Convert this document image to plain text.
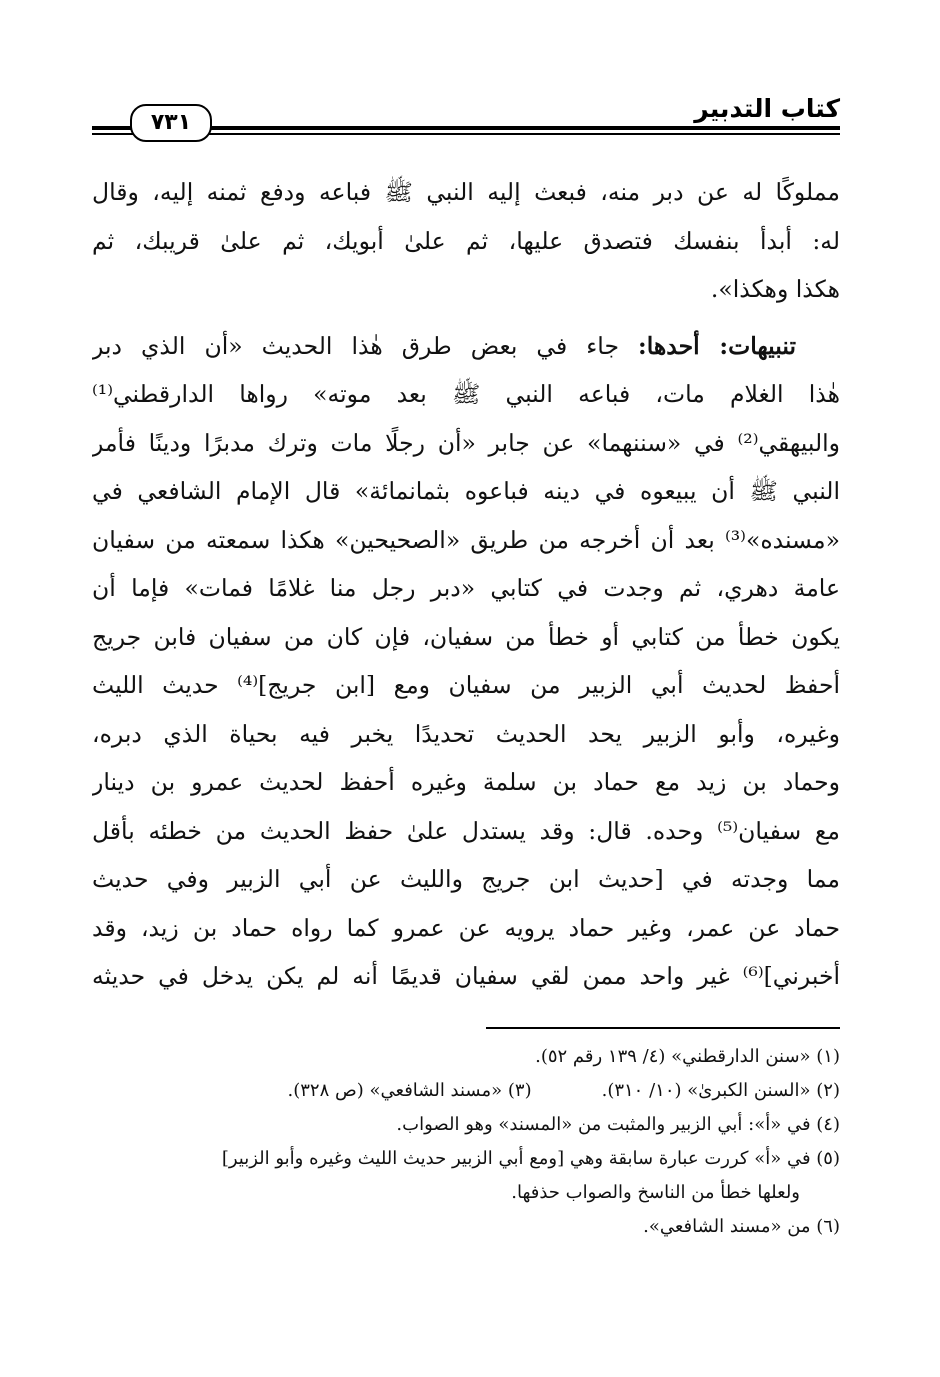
كتاب التدبير
٧٣١

مملوكًا له عن دبر منه، فبعث إليه النبي ﷺ فباعه ودفع ثمنه إليه، وقال
له: أبدأ بنفسك فتصدق عليها، ثم علىٰ أبويك، ثم علىٰ قريبك، ثم
هكذا وهكذا».

تنبيهات: أحدها: جاء في بعض طرق هٰذا الحديث «أن الذي دبر
هٰذا الغلام مات، فباعه النبي ﷺ بعد موته» رواها الدارقطني⁽¹⁾
والبيهقي⁽²⁾ في «سننهما» عن جابر «أن رجلًا مات وترك مدبرًا ودينًا فأمر
النبي ﷺ أن يبيعوه في دينه فباعوه بثمانمائة» قال الإمام الشافعي في
«مسنده»⁽³⁾ بعد أن أخرجه من طريق «الصحيحين» هكذا سمعته من سفيان
عامة دهري، ثم وجدت في كتابي «دبر رجل منا غلامًا فمات» فإما أن
يكون خطأ من كتابي أو خطأ من سفيان، فإن كان من سفيان فابن جريج
أحفظ لحديث أبي الزبير من سفيان ومع [ابن جريج]⁽⁴⁾ حديث الليث
وغيره، وأبو الزبير يحد الحديث تحديدًا يخبر فيه بحياة الذي دبره،
وحماد بن زيد مع حماد بن سلمة وغيره أحفظ لحديث عمرو بن دينار
مع سفيان⁽⁵⁾ وحده. قال: وقد يستدل علىٰ حفظ الحديث من خطئه بأقل
مما وجدته في [حديث ابن جريج والليث عن أبي الزبير وفي حديث
حماد عن عمر، وغير حماد يرويه عن عمرو كما رواه حماد بن زيد، وقد
أخبرني]⁽⁶⁾ غير واحد ممن لقي سفيان قديمًا أنه لم يكن يدخل في حديثه

(١) «سنن الدارقطني» (٤/ ١٣٩ رقم ٥٢).
(٢) «السنن الكبرىٰ» (١٠/ ٣١٠).(٣) «مسند الشافعي» (ص ٣٢٨).
(٤) في «أ»: أبي الزبير والمثبت من «المسند» وهو الصواب.
(٥) في «أ» كررت عبارة سابقة وهي [ومع أبي الزبير حديث الليث وغيره وأبو الزبير]
ولعلها خطأ من الناسخ والصواب حذفها.
(٦) من «مسند الشافعي».
